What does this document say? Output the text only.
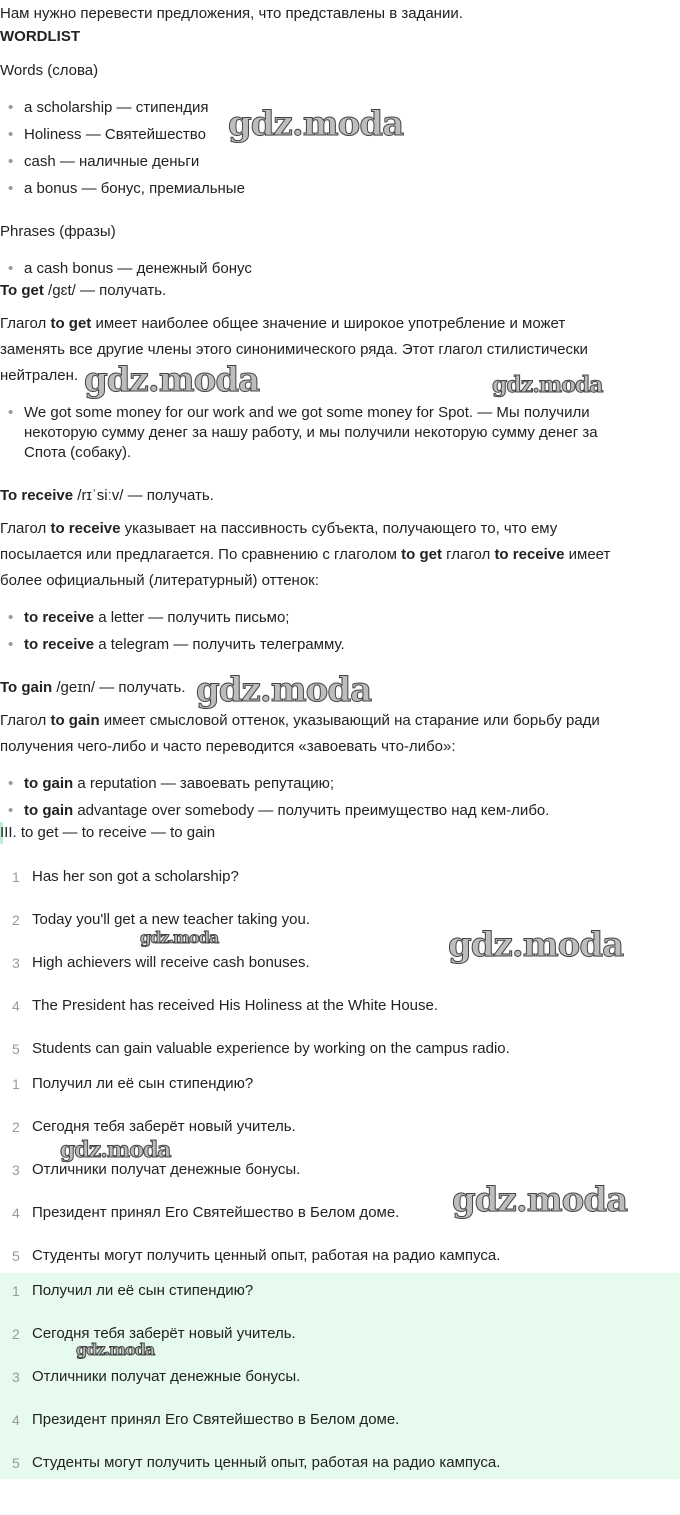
Нам нужно перевести предложения, что представлены в задании.
WORDLIST
Words (слова)
• a scholarship — стипендия
• Holiness — Святейшество
• cash — наличные деньги
• a bonus — бонус, премиальные
Phrases (фразы)
• a cash bonus — денежный бонус
To get /ɡɛt/ — получать.
Глагол to get имеет наиболее общее значение и широкое употребление и может
заменять все другие члены этого синонимического ряда. Этот глагол стилистически
нейтрален.
• We got some money for our work and we got some money for Spot. — Мы получили
некоторую сумму денег за нашу работу, и мы получили некоторую сумму денег за
Спота (собаку).
To receive /rɪˈsiːv/ — получать.
Глагол to receive указывает на пассивность субъекта, получающего то, что ему
посылается или предлагается. По сравнению с глаголом to get глагол to receive имеет
более официальный (литературный) оттенок:
• to receive a letter — получить письмо;
• to receive a telegram — получить телеграмму.
To gain /ɡeɪn/ — получать.
Глагол to gain имеет смысловой оттенок, указывающий на старание или борьбу ради
получения чего-либо и часто переводится «завоевать что-либо»:
• to gain a reputation — завоевать репутацию;
• to gain advantage over somebody — получить преимущество над кем-либо.
III. to get — to receive — to gain
1 Has her son got a scholarship?
2 Today you'll get a new teacher taking you.
3 High achievers will receive cash bonuses.
4 The President has received His Holiness at the White House.
5 Students can gain valuable experience by working on the campus radio.
1 Получил ли её сын стипендию?
2 Сегодня тебя заберёт новый учитель.
3 Отличники получат денежные бонусы.
4 Президент принял Его Святейшество в Белом доме.
5 Студенты могут получить ценный опыт, работая на радио кампуса.
1 Получил ли её сын стипендию?
2 Сегодня тебя заберёт новый учитель.
3 Отличники получат денежные бонусы.
4 Президент принял Его Святейшество в Белом доме.
5 Студенты могут получить ценный опыт, работая на радио кампуса.
gdz.moda
gdz.moda	gdz.moda
gdz.moda
gdz.moda	gdz.moda
gdz.moda
gdz.moda
gdz.moda
